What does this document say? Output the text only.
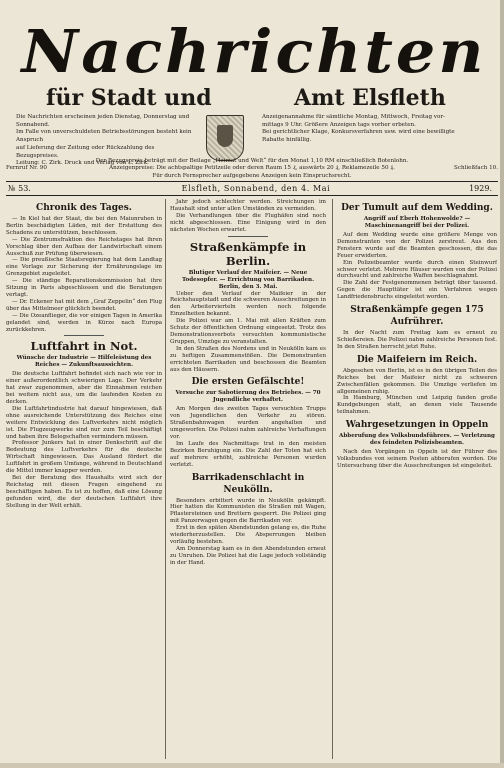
Nachrichten
für Stadt und	Amt Elsfleth
Die Nachrichten erscheinen jeden Dienstag, Donnerstag und Sonnabend.
Im Falle von unverschuldeten Betriebsstörungen besteht kein Anspruch
auf Lieferung der Zeitung oder Rückzahlung des Bezugspreises.
Leitung: C. Zirk. Druck und Verlag von L. Zirk.
Anzeigenannahme für sämtliche Montag, Mittwoch, Freitag vor-
mittags 9 Uhr. Größere Anzeigen tags vorher erbeten.
Bei gerichtlicher Klage, Konkursverfahren usw. wird eine bewilligte
Rabatte hinfällig.
Der Bezugspreis beträgt mit der Beilage „Heimat und Welt“ für den Monat 1,10 RM einschließlich Botenlohn.
Anzeigenpreise: Die achtspaltige Petitzeile oder deren Raum 15 ₰, auswärts 20 ₰, Reklamezeile 50 ₰.
Für durch Fernsprecher aufgegebene Anzeigen kein Einspruchsrecht.
Fernruf Nr. 90	Schließfach 10.
№ 53.	Elsfleth, Sonnabend, den 4. Mai	1929.
Chronik des Tages.
— In Kiel hat der Staat, die bei den Maiunruhen in Berlin beschädigten Läden, mit der Erstattung des Schadens zu unterstützen, beschlossen.
— Die Zentrumsfraktion des Reichstages hat ihren Vorschlag über den Aufbau der Landwirtschaft einem Ausschuß zur Prüfung überwiesen.
— Die preußische Staatsregierung hat dem Landtag eine Vorlage zur Sicherung der Ernährungslage im Grenzgebiet zugeleitet.
— Die ständige Reparationskommission hat ihre Sitzung in Paris abgeschlossen und die Beratungen vertagt.
— Dr. Eckener hat mit dem „Graf Zeppelin“ den Flug über das Mittelmeer glücklich beendet.
— Die Ozeanflieger, die vor einigen Tagen in Amerika gelandet sind, werden in Kürze nach Europa zurückkehren.
Luftfahrt in Not.
Wünsche der Industrie — Hilfeleistung des Reiches — Zukunftsaussichten.
Die deutsche Luftfahrt befindet sich nach wie vor in einer außerordentlich schwierigen Lage. Der Verkehr hat zwar zugenommen, aber die Einnahmen reichen bei weitem nicht aus, um die laufenden Kosten zu decken.
Die Luftfahrtindustrie hat darauf hingewiesen, daß ohne ausreichende Unterstützung des Reiches eine weitere Entwicklung des Luftverkehrs nicht möglich ist. Die Flugzeugwerke sind nur zum Teil beschäftigt und haben ihre Belegschaften vermindern müssen.
Professor Junkers hat in einer Denkschrift auf die Bedeutung des Luftverkehrs für die deutsche Wirtschaft hingewiesen. Das Ausland fördert die Luftfahrt in großem Umfange, während in Deutschland die Mittel immer knapper werden.
Bei der Beratung des Haushalts wird sich der Reichstag mit diesen Fragen eingehend zu beschäftigen haben. Es ist zu hoffen, daß eine Lösung gefunden wird, die der deutschen Luftfahrt ihre Stellung in der Welt erhält.
Jahr jedoch schlechter werden. Streichungen im Haushalt sind unter allen Umständen zu vermeiden.
Die Verhandlungen über die Flughäfen sind noch nicht abgeschlossen. Eine Einigung wird in den nächsten Wochen erwartet.
Straßenkämpfe in Berlin.
Blutiger Verlauf der Maifeier. — Neue Todesopfer. — Errichtung von Barrikaden.
Berlin, den 3. Mai.
Ueber den Verlauf der Maifeier in der Reichshauptstadt und die schweren Ausschreitungen in den Arbeitervierteln werden noch folgende Einzelheiten bekannt.
Die Polizei war am 1. Mai mit allen Kräften zum Schutz der öffentlichen Ordnung eingesetzt. Trotz des Demonstrationsverbots versuchten kommunistische Gruppen, Umzüge zu veranstalten.
In den Straßen des Nordens und in Neukölln kam es zu heftigen Zusammenstößen. Die Demonstranten errichteten Barrikaden und beschossen die Beamten aus den Häusern.
Die ersten Gefälschte!
Versuche zur Sabotierung des Betriebes. — 70 Jugendliche verhaftet.
Am Morgen des zweiten Tages versuchten Trupps von Jugendlichen den Verkehr zu stören. Straßenbahnwagen wurden angehalten und umgeworfen. Die Polizei nahm zahlreiche Verhaftungen vor.
Im Laufe des Nachmittags trat in den meisten Bezirken Beruhigung ein. Die Zahl der Toten hat sich auf mehrere erhöht, zahlreiche Personen wurden verletzt.
Barrikadenschlacht in Neukölln.
Besonders erbittert wurde in Neukölln gekämpft. Hier hatten die Kommunisten die Straßen mit Wagen, Pflastersteinen und Brettern gesperrt. Die Polizei ging mit Panzerwagen gegen die Barrikaden vor.
Erst in den späten Abendstunden gelang es, die Ruhe wiederherzustellen. Die Absperrungen bleiben vorläufig bestehen.
Am Donnerstag kam es in den Abendstunden erneut zu Unruhen. Die Polizei hat die Lage jedoch vollständig in der Hand.
Der Tumult auf dem Wedding.
Angriff auf Eberh Hohenwolde? — Maschinenangriff bei der Polizei.
Auf dem Wedding wurde eine größere Menge von Demonstranten von der Polizei zerstreut. Aus den Fenstern wurde auf die Beamten geschossen, die das Feuer erwiderten.
Ein Polizeibeamter wurde durch einen Steinwurf schwer verletzt. Mehrere Häuser wurden von der Polizei durchsucht und zahlreiche Waffen beschlagnahmt.
Die Zahl der Festgenommenen beträgt über tausend. Gegen die Haupttäter ist ein Verfahren wegen Landfriedensbruchs eingeleitet worden.
Straßenkämpfe gegen 175 Aufrührer.
In der Nacht zum Freitag kam es erneut zu Schießereien. Die Polizei nahm zahlreiche Personen fest. In den Straßen herrscht jetzt Ruhe.
Die Maifeiern im Reich.
Abgesehen von Berlin, ist es in den übrigen Teilen des Reiches bei der Maifeier nicht zu schweren Zwischenfällen gekommen. Die Umzüge verliefen im allgemeinen ruhig.
In Hamburg, München und Leipzig fanden große Kundgebungen statt, an denen viele Tausende teilnahmen.
Wahrgesetzungen in Oppeln
Abberufung des Volksbundsführers. — Verletzung des feindeten Polizisbeamten.
Nach den Vorgängen in Oppeln ist der Führer des Volksbundes von seinem Posten abberufen worden. Die Untersuchung über die Ausschreitungen ist eingeleitet.
